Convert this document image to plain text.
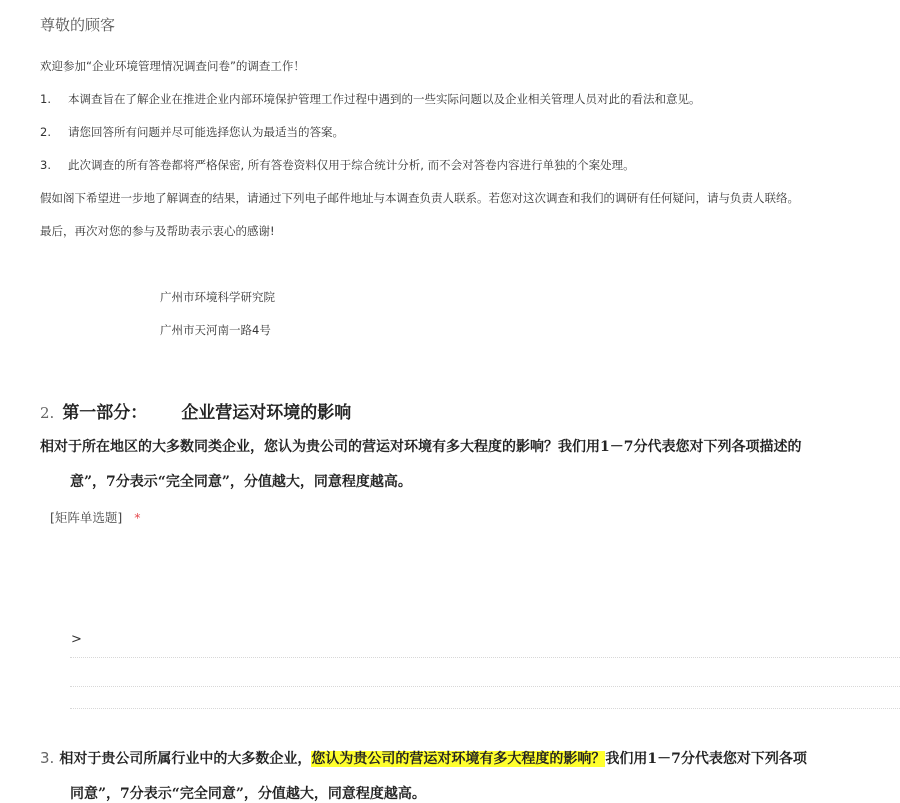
尊敬的顾客
欢迎参加“企业环境管理情况调查问卷”的调查工作！
1. 本调查旨在了解企业在推进企业内部环境保护管理工作过程中遇到的一些实际问题以及企业相关管理人员对此的看法和意见。
2. 请您回答所有问题并尽可能选择您认为最适当的答案。
3. 此次调查的所有答卷都将严格保密, 所有答卷资料仅用于综合统计分析, 而不会对答卷内容进行单独的个案处理。
假如阁下希望进一步地了解调查的结果，请通过下列电子邮件地址与本调查负责人联系。若您对这次调查和我们的调研有任何疑问，请与负责人联络。
最后，再次对您的参与及帮助表示衷心的感谢!
广州市环境科学研究院
广州市天河南一路4号
2. 第一部分： 企业营运对环境的影响
相对于所在地区的大多数同类企业，您认为贵公司的营运对环境有多大程度的影响？我们用1－7分代表您对下列各项描述的
意”，7分表示“完全同意”，分值越大，同意程度越高。
[矩阵单选题] *
>
3. 相对于贵公司所属行业中的大多数企业，您认为贵公司的营运对环境有多大程度的影响？我们用1－7分代表您对下列各项
同意”，7分表示“完全同意”，分值越大，同意程度越高。
